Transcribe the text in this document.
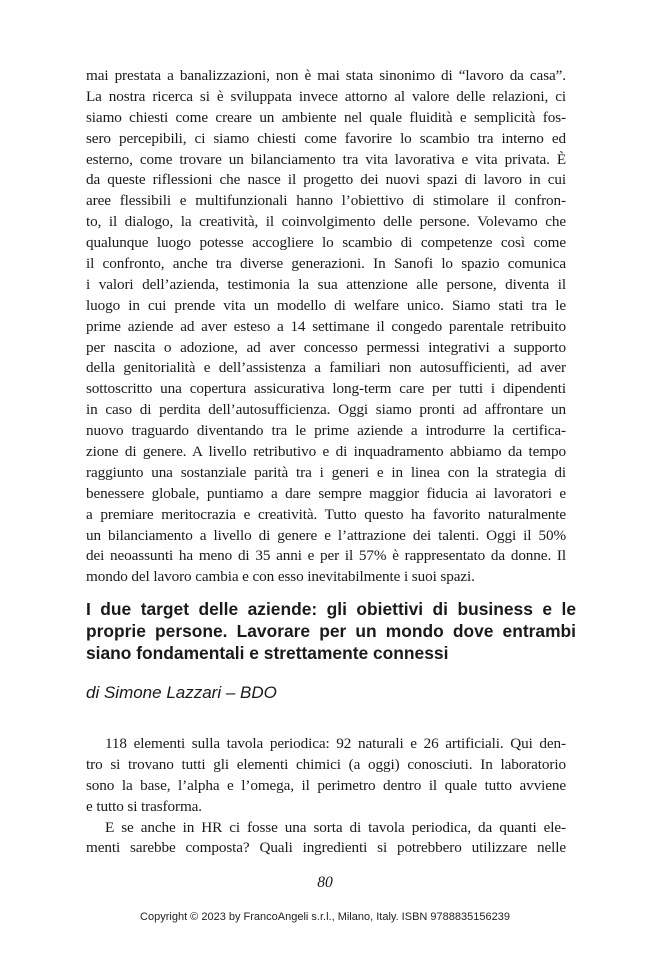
mai prestata a banalizzazioni, non è mai stata sinonimo di “lavoro da casa”.
La nostra ricerca si è sviluppata invece attorno al valore delle relazioni, ci
siamo chiesti come creare un ambiente nel quale fluidità e semplicità fos-
sero percepibili, ci siamo chiesti come favorire lo scambio tra interno ed
esterno, come trovare un bilanciamento tra vita lavorativa e vita privata. È
da queste riflessioni che nasce il progetto dei nuovi spazi di lavoro in cui
aree flessibili e multifunzionali hanno l’obiettivo di stimolare il confron-
to, il dialogo, la creatività, il coinvolgimento delle persone. Volevamo che
qualunque luogo potesse accogliere lo scambio di competenze così come
il confronto, anche tra diverse generazioni. In Sanofi lo spazio comunica
i valori dell’azienda, testimonia la sua attenzione alle persone, diventa il
luogo in cui prende vita un modello di welfare unico. Siamo stati tra le
prime aziende ad aver esteso a 14 settimane il congedo parentale retribuito
per nascita o adozione, ad aver concesso permessi integrativi a supporto
della genitorialità e dell’assistenza a familiari non autosufficienti, ad aver
sottoscritto una copertura assicurativa long-term care per tutti i dipendenti
in caso di perdita dell’autosufficienza. Oggi siamo pronti ad affrontare un
nuovo traguardo diventando tra le prime aziende a introdurre la certifica-
zione di genere. A livello retributivo e di inquadramento abbiamo da tempo
raggiunto una sostanziale parità tra i generi e in linea con la strategia di
benessere globale, puntiamo a dare sempre maggior fiducia ai lavoratori e
a premiare meritocrazia e creatività. Tutto questo ha favorito naturalmente
un bilanciamento a livello di genere e l’attrazione dei talenti. Oggi il 50%
dei neoassunti ha meno di 35 anni e per il 57% è rappresentato da donne. Il
mondo del lavoro cambia e con esso inevitabilmente i suoi spazi.
I due target delle aziende: gli obiettivi di business e le
proprie persone. Lavorare per un mondo dove entrambi
siano fondamentali e strettamente connessi
di Simone Lazzari – BDO
118 elementi sulla tavola periodica: 92 naturali e 26 artificiali. Qui den-
tro si trovano tutti gli elementi chimici (a oggi) conosciuti. In laboratorio
sono la base, l’alpha e l’omega, il perimetro dentro il quale tutto avviene
e tutto si trasforma.
E se anche in HR ci fosse una sorta di tavola periodica, da quanti ele-
menti sarebbe composta? Quali ingredienti si potrebbero utilizzare nelle
80
Copyright © 2023 by FrancoAngeli s.r.l., Milano, Italy. ISBN 9788835156239
